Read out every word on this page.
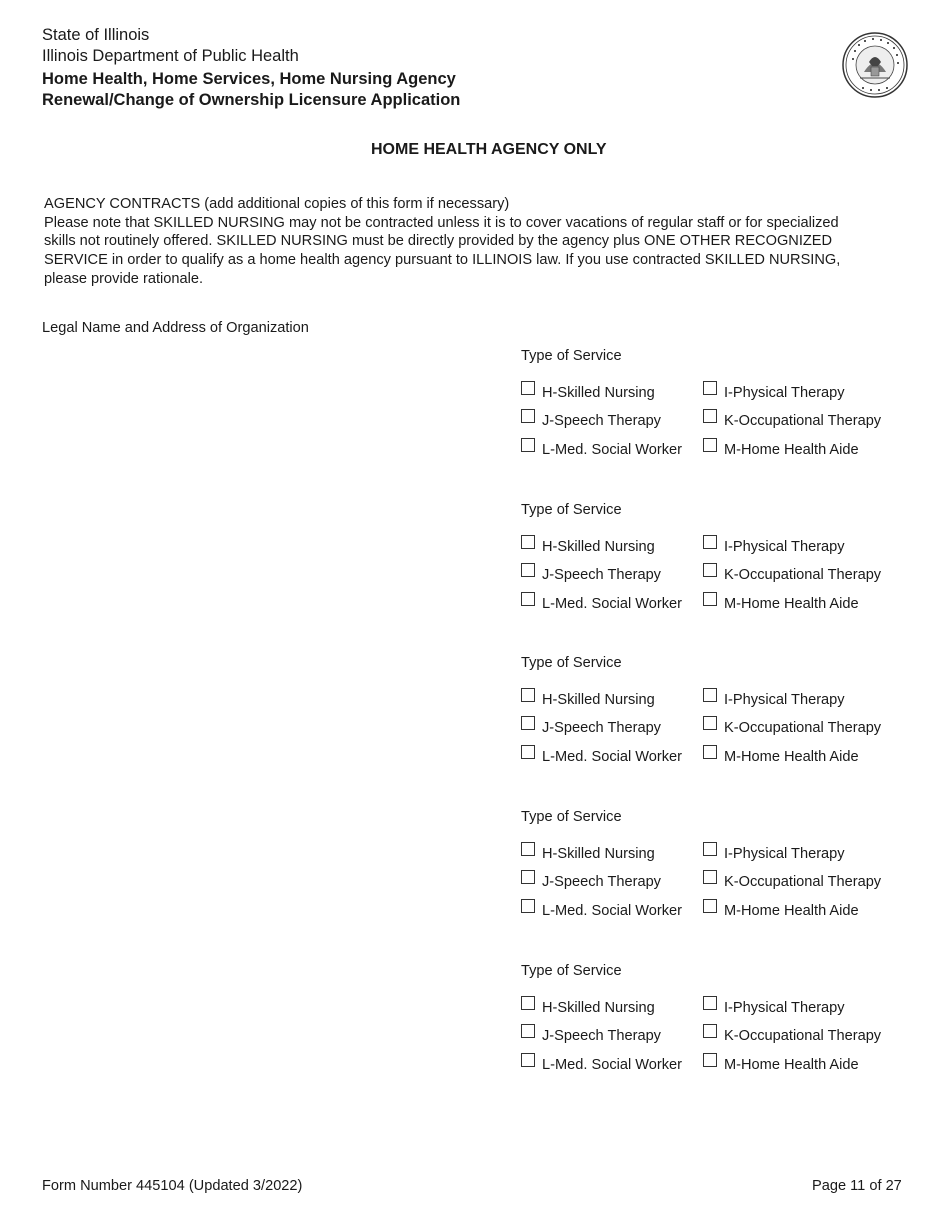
State of Illinois
Illinois Department of Public Health
Home Health, Home Services, Home Nursing Agency
Renewal/Change of Ownership Licensure Application
HOME HEALTH AGENCY ONLY

AGENCY CONTRACTS (add additional copies of this form if necessary)

Please note that SKILLED NURSING may not be contracted unless it is to cover vacations of regular staff or for specialized

skills not routinely offered. SKILLED NURSING must be directly provided by the agency plus ONE OTHER RECOGNIZED

SERVICE in order to qualify as a home health agency pursuant to ILLINOIS law. If you use contracted SKILLED NURSING,

please provide rationale.

Legal Name and Address of Organization
Type of Service
H-Skilled Nursing	I-Physical Therapy
J-Speech Therapy	K-Occupational Therapy
L-Med. Social Worker	M-Home Health Aide
Type of Service
H-Skilled Nursing	I-Physical Therapy
J-Speech Therapy	K-Occupational Therapy
L-Med. Social Worker	M-Home Health Aide
Type of Service
H-Skilled Nursing	I-Physical Therapy
J-Speech Therapy	K-Occupational Therapy
L-Med. Social Worker	M-Home Health Aide
Type of Service
H-Skilled Nursing	I-Physical Therapy
J-Speech Therapy	K-Occupational Therapy
L-Med. Social Worker	M-Home Health Aide
Type of Service
H-Skilled Nursing	I-Physical Therapy
J-Speech Therapy	K-Occupational Therapy
L-Med. Social Worker	M-Home Health Aide
Form Number 445104 (Updated 3/2022)	Page 11 of 27
